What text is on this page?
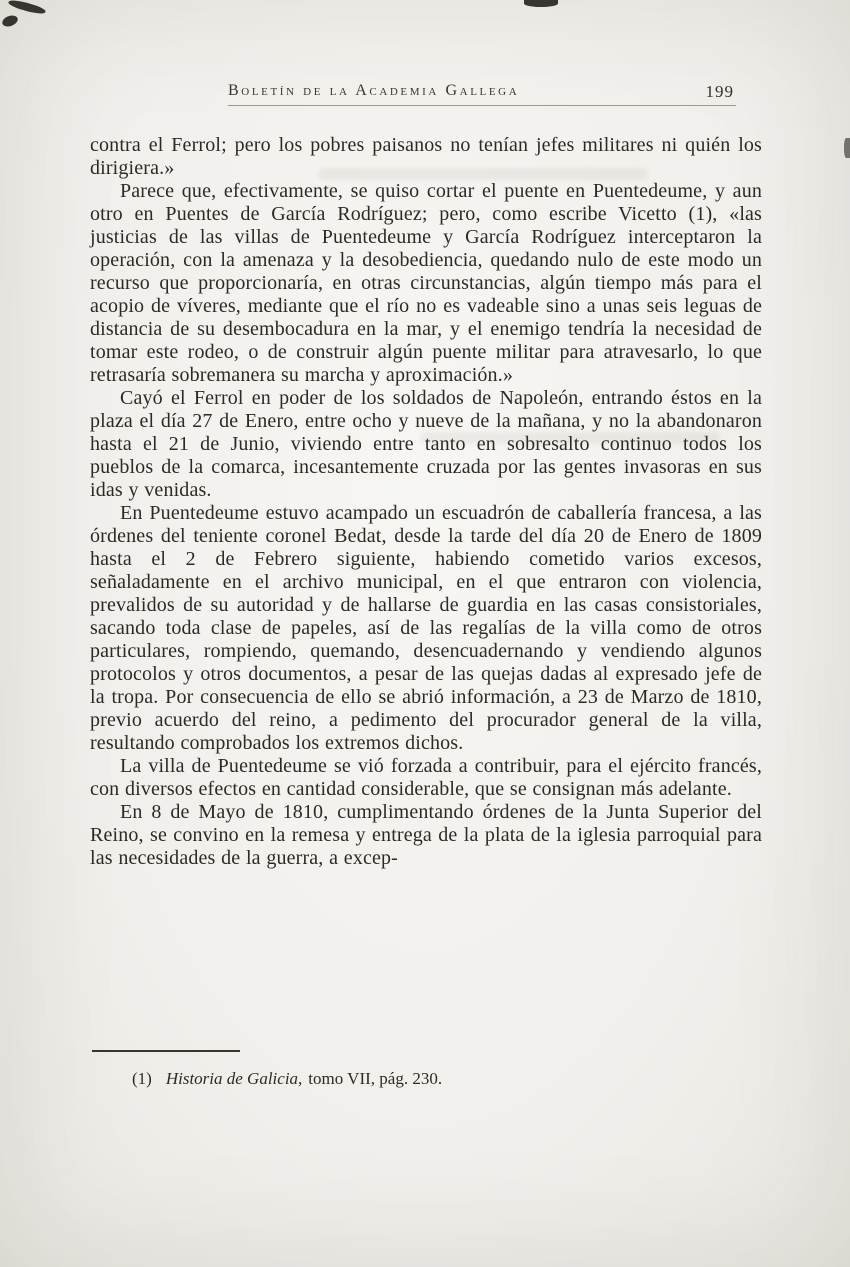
Boletín de la Academia Gallega	199

contra el Ferrol; pero los pobres paisanos no tenían jefes militares ni quién los dirigiera.»

Parece que, efectivamente, se quiso cortar el puente en Puentedeume, y aun otro en Puentes de García Rodríguez; pero, como escribe Vicetto (1), «las justicias de las villas de Puentedeume y García Rodríguez interceptaron la operación, con la amenaza y la desobediencia, quedando nulo de este modo un recurso que proporcionaría, en otras circunstancias, algún tiempo más para el acopio de víveres, mediante que el río no es vadeable sino a unas seis leguas de distancia de su desembocadura en la mar, y el enemigo tendría la necesidad de tomar este rodeo, o de construir algún puente militar para atravesarlo, lo que retrasaría sobremanera su marcha y aproximación.»

Cayó el Ferrol en poder de los soldados de Napoleón, entrando éstos en la plaza el día 27 de Enero, entre ocho y nueve de la mañana, y no la abandonaron hasta el 21 de Junio, viviendo entre tanto en sobresalto continuo todos los pueblos de la comarca, incesantemente cruzada por las gentes invasoras en sus idas y venidas.

En Puentedeume estuvo acampado un escuadrón de caballería francesa, a las órdenes del teniente coronel Bedat, desde la tarde del día 20 de Enero de 1809 hasta el 2 de Febrero siguiente, habiendo cometido varios excesos, señaladamente en el archivo municipal, en el que entraron con violencia, prevalidos de su autoridad y de hallarse de guardia en las casas consistoriales, sacando toda clase de papeles, así de las regalías de la villa como de otros particulares, rompiendo, quemando, desencuadernando y vendiendo algunos protocolos y otros documentos, a pesar de las quejas dadas al expresado jefe de la tropa. Por consecuencia de ello se abrió información, a 23 de Marzo de 1810, previo acuerdo del reino, a pedimento del procurador general de la villa, resultando comprobados los extremos dichos.

La villa de Puentedeume se vió forzada a contribuir, para el ejército francés, con diversos efectos en cantidad considerable, que se consignan más adelante.

En 8 de Mayo de 1810, cumplimentando órdenes de la Junta Superior del Reino, se convino en la remesa y entrega de la plata de la iglesia parroquial para las necesidades de la guerra, a excep-

(1) Historia de Galicia, tomo VII, pág. 230.
